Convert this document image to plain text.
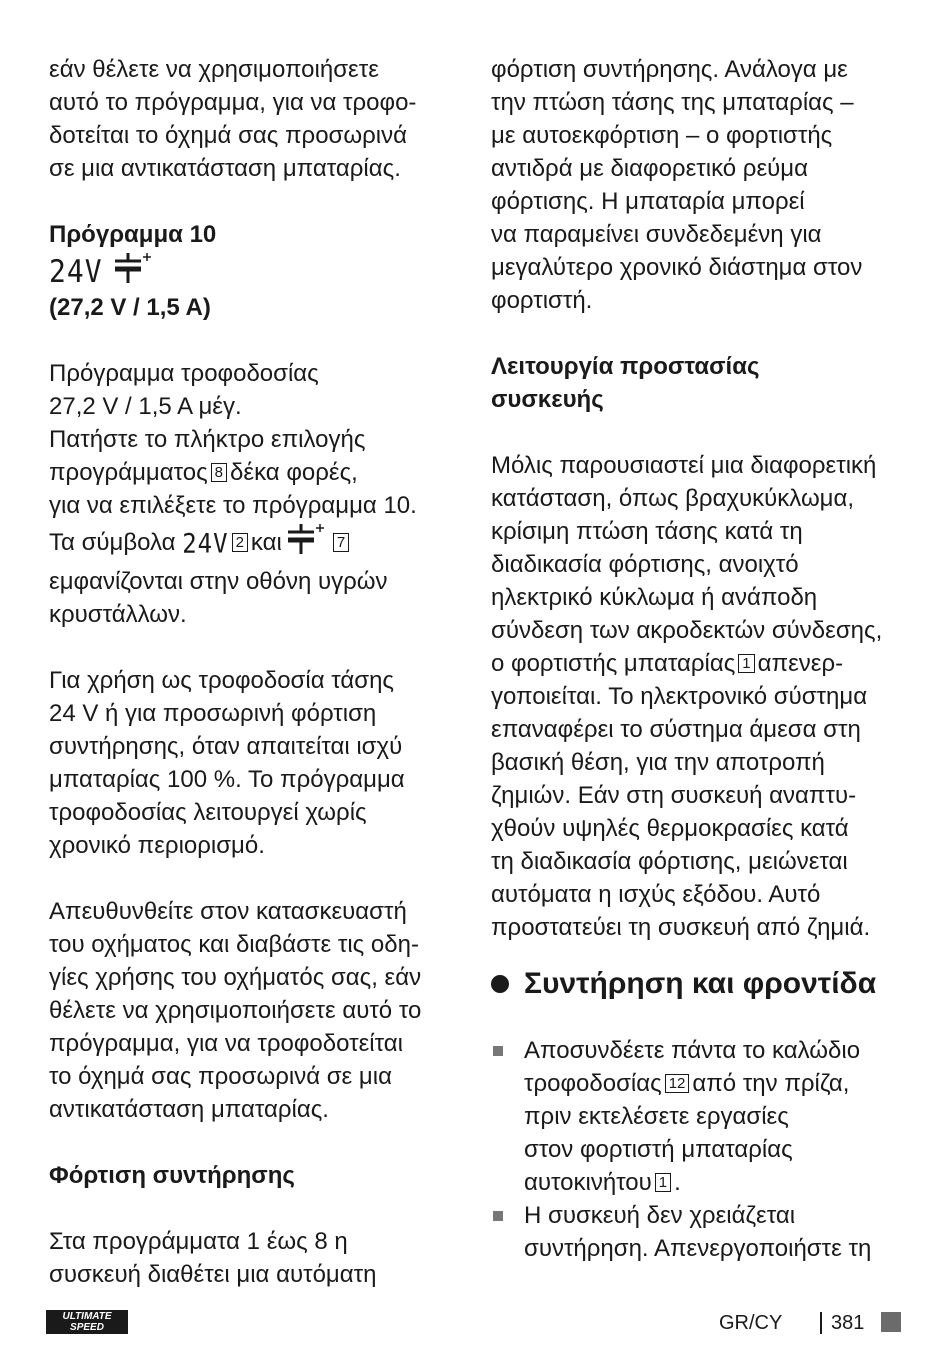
εάν θέλετε να χρησιμοποιήσετε

αυτό το πρόγραμμα, για να τροφο-

δοτείται το όχημά σας προσωρινά

σε μια αντικατάσταση μπαταρίας.

Πρόγραμμα 10

24V

(27,2 V / 1,5 A)

Πρόγραμμα τροφοδοσίας

27,2 V / 1,5 A μέγ.

Πατήστε το πλήκτρο επιλογής

προγράμματος 8 δέκα φορές,

για να επιλέξετε το πρόγραμμα 10.

Τα σύμβολα 24V 2 και	7

εμφανίζονται στην οθόνη υγρών

κρυστάλλων.

Για χρήση ως τροφοδοσία τάσης

24 V ή για προσωρινή φόρτιση

συντήρησης, όταν απαιτείται ισχύ

μπαταρίας 100 %. Το πρόγραμμα

τροφοδοσίας λειτουργεί χωρίς

χρονικό περιορισμό.

Απευθυνθείτε στον κατασκευαστή

του οχήματος και διαβάστε τις οδη-

γίες χρήσης του οχήματός σας, εάν

θέλετε να χρησιμοποιήσετε αυτό το

πρόγραμμα, για να τροφοδοτείται

το όχημά σας προσωρινά σε μια

αντικατάσταση μπαταρίας.

Φόρτιση συντήρησης

Στα προγράμματα 1 έως 8 η

συσκευή διαθέτει μια αυτόματη

φόρτιση συντήρησης. Ανάλογα με

την πτώση τάσης της μπαταρίας –

με αυτοεκφόρτιση – ο φορτιστής

αντιδρά με διαφορετικό ρεύμα

φόρτισης. Η μπαταρία μπορεί

να παραμείνει συνδεδεμένη για

μεγαλύτερο χρονικό διάστημα στον

φορτιστή.

Λειτουργία προστασίας

συσκευής

Μόλις παρουσιαστεί μια διαφορετική

κατάσταση, όπως βραχυκύκλωμα,

κρίσιμη πτώση τάσης κατά τη

διαδικασία φόρτισης, ανοιχτό

ηλεκτρικό κύκλωμα ή ανάποδη

σύνδεση των ακροδεκτών σύνδεσης,

ο φορτιστής μπαταρίας 1 απενερ-

γοποιείται. Το ηλεκτρονικό σύστημα

επαναφέρει το σύστημα άμεσα στη

βασική θέση, για την αποτροπή

ζημιών. Εάν στη συσκευή αναπτυ-

χθούν υψηλές θερμοκρασίες κατά

τη διαδικασία φόρτισης, μειώνεται

αυτόματα η ισχύς εξόδου. Αυτό

προστατεύει τη συσκευή από ζημιά.

Συντήρηση και φροντίδα

Αποσυνδέετε πάντα το καλώδιο

τροφοδοσίας 12 από την πρίζα,

πριν εκτελέσετε εργασίες

στον φορτιστή μπαταρίας

αυτοκινήτου 1 .

Η συσκευή δεν χρειάζεται

συντήρηση. Απενεργοποιήστε τη

ULTIMATE
SPEED	GR/CY 381
